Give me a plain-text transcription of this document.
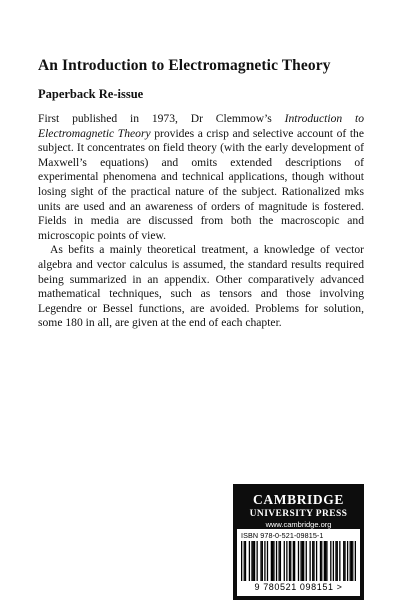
An Introduction to Electromagnetic Theory
Paperback Re-issue

First published in 1973, Dr Clemmow’s Introduction to Electromagnetic Theory provides a crisp and selective account of the subject. It concentrates on field theory (with the early development of Maxwell’s equations) and omits extended descriptions of experimental phenomena and technical applications, though without losing sight of the practical nature of the subject. Rationalized mks units are used and an awareness of orders of magnitude is fostered. Fields in media are discussed from both the macroscopic and microscopic points of view.

As befits a mainly theoretical treatment, a knowledge of vector algebra and vector calculus is assumed, the standard results required being summarized in an appendix. Other comparatively advanced mathematical techniques, such as tensors and those involving Legendre or Bessel functions, are avoided. Problems for solution, some 180 in all, are given at the end of each chapter.

CAMBRIDGE
UNIVERSITY PRESS
www.cambridge.org
ISBN 978-0-521-09815-1
9 780521 098151 >
